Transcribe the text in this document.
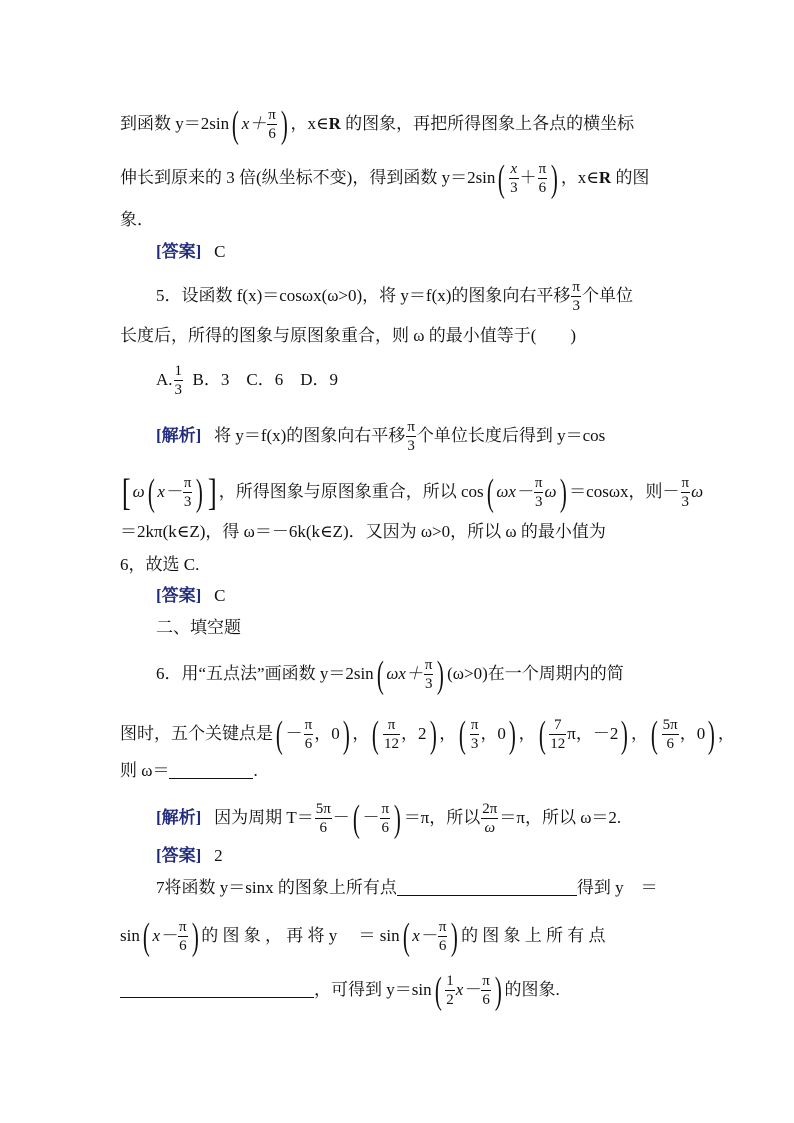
到函数 y＝2sin( $x+ \frac{\pi}{6}$ ) ，x∈R 的图象，再把所得图象上各点的横坐标
伸长到原来的 3 倍(纵坐标不变)，得到函数 $y=2\sin( \frac{x}{3} + \frac{\pi}{6}$ ) ，x∈R 的图
象．
[答案] C
5．设函数 f(x)＝cosωx(ω>0)，将 y＝f(x)的图象向右平移 $\frac{\pi}{3}$ 个单位
长度后，所得的图象与原图象重合，则 ω 的最小值等于(　　)
A. $\frac{1}{3}$ B．3　C．6　D．9
[解析] 将 y＝f(x)的图象向右平移 $\frac{\pi}{3}$ 个单位长度后得到 y＝cos
[ ω( $x- \frac{\pi}{3}$ ) ] ，所得图象与原图象重合，所以 cos( $\omega x- \frac{\pi}{3} \omega) =\cos\omega x$，则－ $\frac{\pi}{3}$ ω
＝2kπ(k∈Z)，得 ω＝－6k(k∈Z)．又因为 ω>0，所以 ω 的最小值为
6，故选 C.
[答案] C
二、填空题
6．用“五点法”画函数 y＝2sin( $\omega x+ \frac{\pi}{3}$ ) (ω>0)在一个周期内的简
图时，五个关键点是( － $\frac{\pi}{6}$ ，0) ，( $\frac{\pi}{12}$ ，2) ，( $\frac{\pi}{3}$ ，0) ，( $\frac{7}{12}$ π，－2) ，( $\frac{5\pi}{6}$ ，0) ，
则 ω＝	.
[解析] 因为周期 $T= \frac{5\pi}{6}$ －( － $\frac{\pi}{6}$ ) ＝π，所以 $\frac{2\pi}{\omega} =\pi$，所以 ω＝2.
[答案] 2
7将函数 y＝sinx 的图象上所有点	得到 y　＝
sin( $x- \frac{\pi}{6}$ ) 的 图 象 ， 再 将 y　 ＝ sin( $x- \frac{\pi}{6}$ ) 的 图 象 上 所 有 点
，可得到 $y=\sin( \frac{1}{2} x- \frac{\pi}{6}$ ) 的图象.
